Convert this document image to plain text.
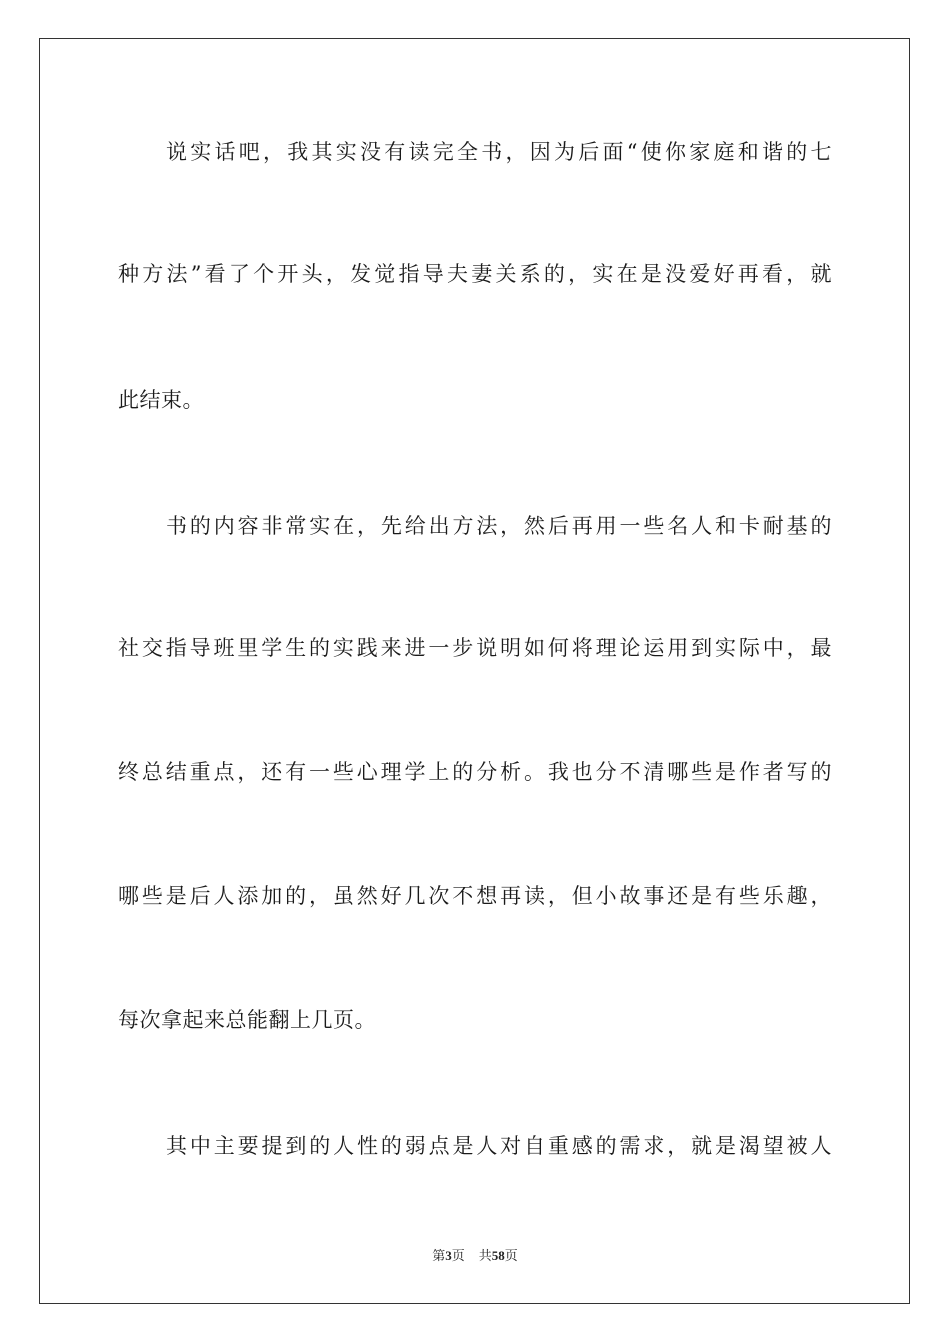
说实话吧，我其实没有读完全书，因为后面“使你家庭和谐的七
种方法”看了个开头，发觉指导夫妻关系的，实在是没爱好再看，就
此结束。
书的内容非常实在，先给出方法，然后再用一些名人和卡耐基的
社交指导班里学生的实践来进一步说明如何将理论运用到实际中，最
终总结重点，还有一些心理学上的分析。我也分不清哪些是作者写的
哪些是后人添加的，虽然好几次不想再读，但小故事还是有些乐趣，
每次拿起来总能翻上几页。
其中主要提到的人性的弱点是人对自重感的需求，就是渴望被人
第3页 共58页
